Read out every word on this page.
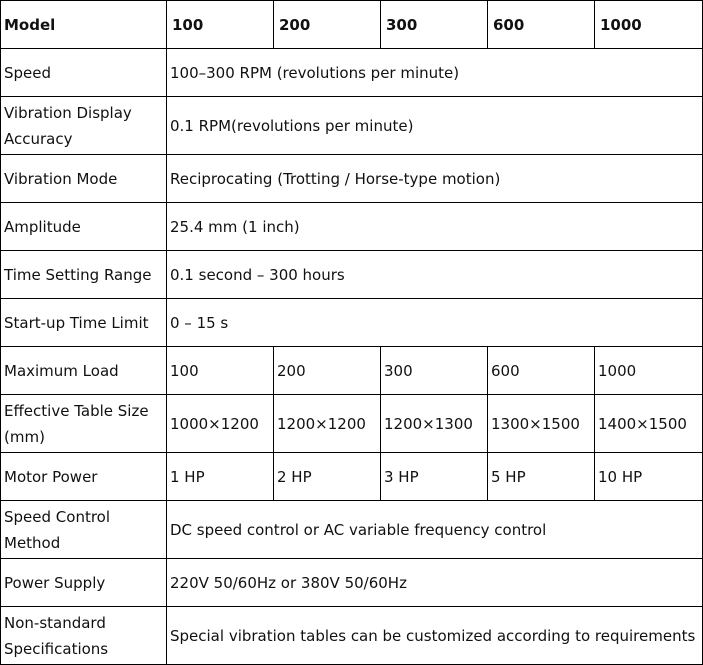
Model	100	200	300	600	1000
Speed	100–300 RPM (revolutions per minute)				
Vibration Display Accuracy	0.1 RPM(revolutions per minute)				
Vibration Mode	Reciprocating (Trotting / Horse-type motion)				
Amplitude	25.4 mm (1 inch)				
Time Setting Range	0.1 second – 300 hours				
Start-up Time Limit	0 – 15 s				
Maximum Load	100	200	300	600	1000
Effective Table Size (mm)	1000×1200	1200×1200	1200×1300	1300×1500	1400×1500
Motor Power	1 HP	2 HP	3 HP	5 HP	10 HP
Speed Control Method	DC speed control or AC variable frequency control				
Power Supply	220V 50/60Hz or 380V 50/60Hz				
Non-standard Specifications	Special vibration tables can be customized according to requirements				
